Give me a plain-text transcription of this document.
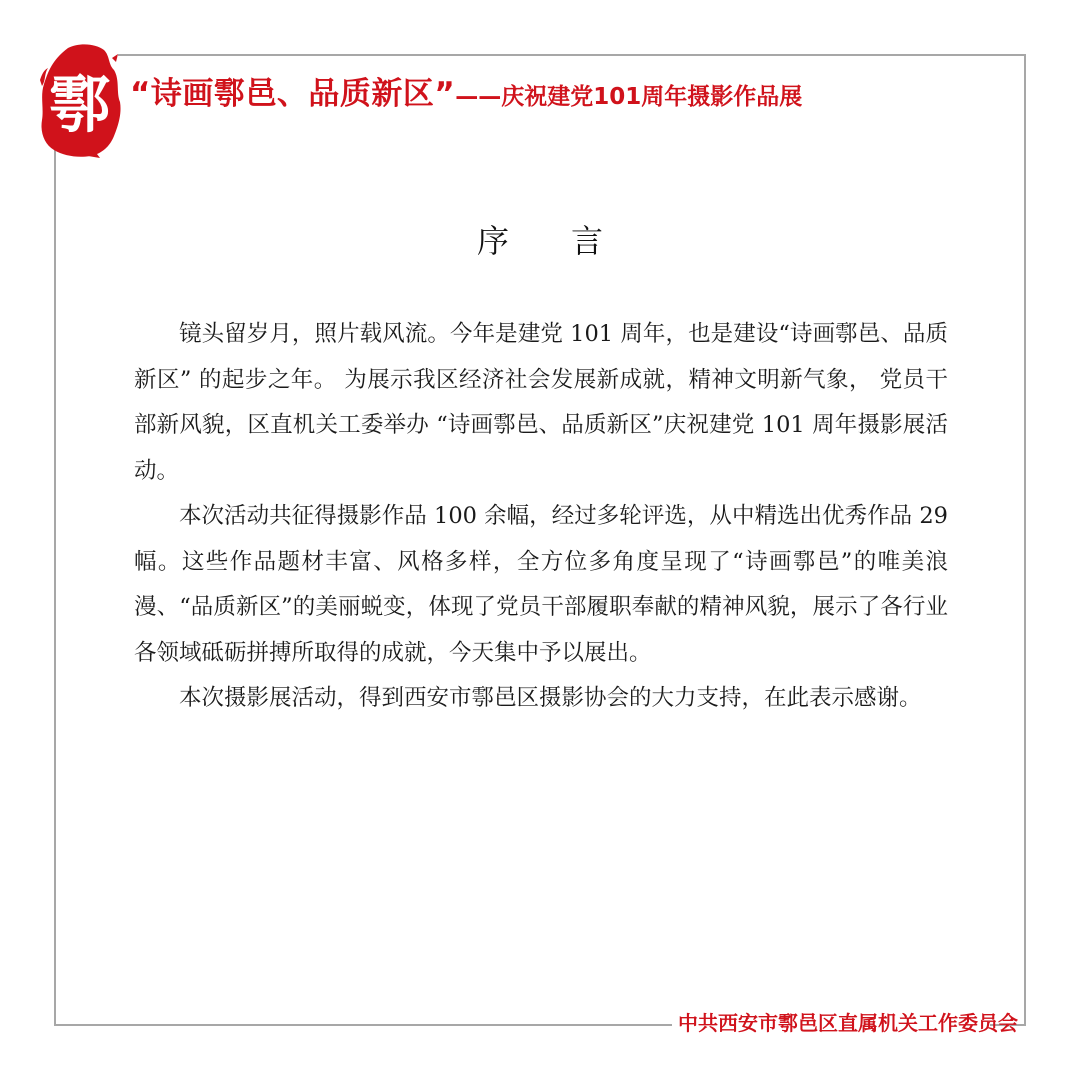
鄠 “诗画鄠邑、品质新区”——庆祝建党101周年摄影作品展
序言

镜头留岁月，照片载风流。今年是建党 101 周年，也是建设“诗画鄠邑、品质新区” 的起步之年。 为展示我区经济社会发展新成就，精神文明新气象， 党员干部新风貌，区直机关工委举办 “诗画鄠邑、品质新区”庆祝建党 101 周年摄影展活动。

本次活动共征得摄影作品 100 余幅，经过多轮评选，从中精选出优秀作品 29 幅。这些作品题材丰富、风格多样，全方位多角度呈现了“诗画鄠邑”的唯美浪漫、“品质新区”的美丽蜕变，体现了党员干部履职奉献的精神风貌，展示了各行业各领域砥砺拼搏所取得的成就，今天集中予以展出。

本次摄影展活动，得到西安市鄠邑区摄影协会的大力支持，在此表示感谢。

中共西安市鄠邑区直属机关工作委员会
